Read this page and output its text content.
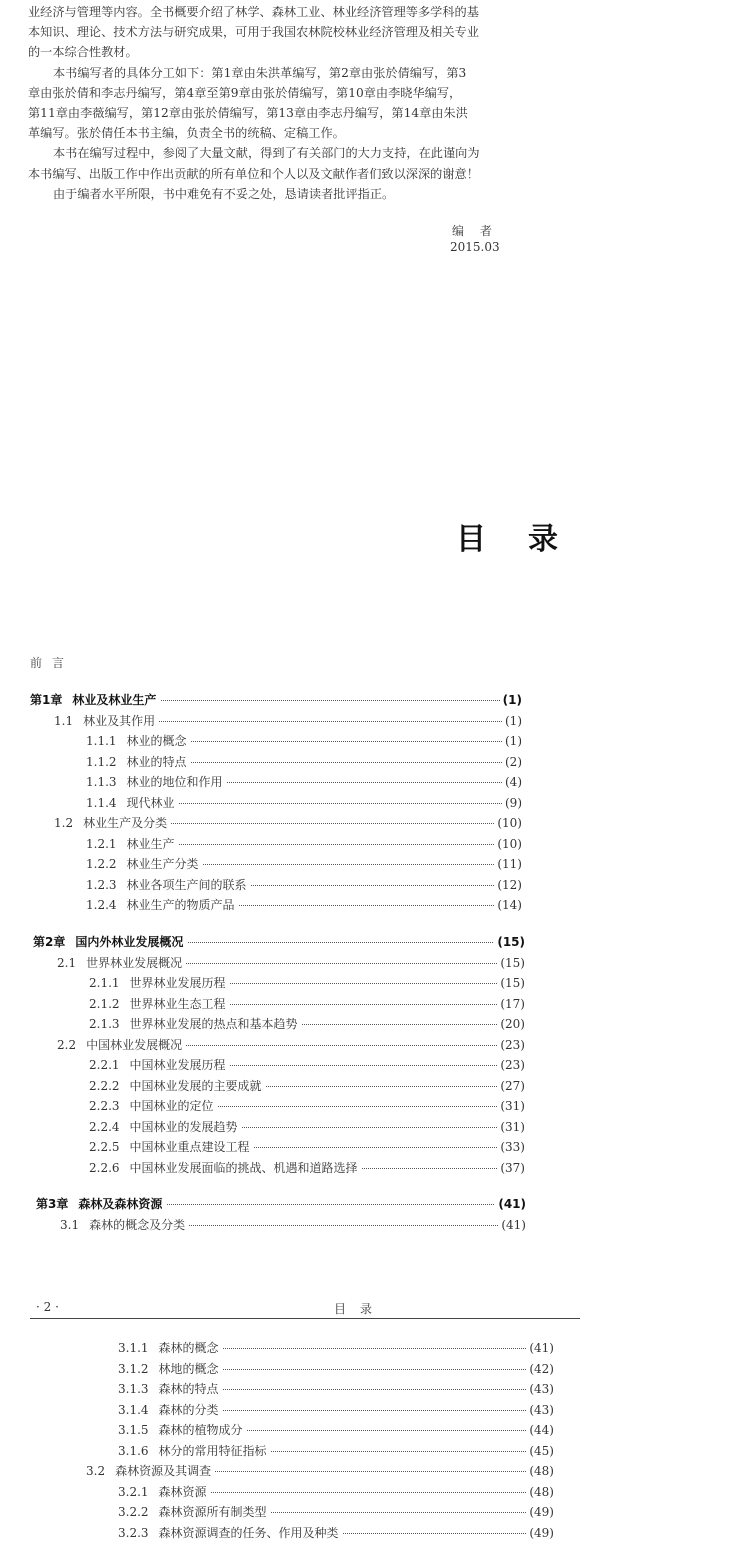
业经济与管理等内容。全书概要介绍了林学、森林工业、林业经济管理等多学科的基

本知识、理论、技术方法与研究成果，可用于我国农林院校林业经济管理及相关专业

的一本综合性教材。

本书编写者的具体分工如下：第1章由朱洪革编写，第2章由张於倩编写，第3

章由张於倩和李志丹编写，第4章至第9章由张於倩编写，第10章由李晓华编写，

第11章由李薇编写，第12章由张於倩编写，第13章由李志丹编写，第14章由朱洪

革编写。张於倩任本书主编，负责全书的统稿、定稿工作。

本书在编写过程中，参阅了大量文献，得到了有关部门的大力支持，在此谨向为

本书编写、出版工作中作出贡献的所有单位和个人以及文献作者们致以深深的谢意！

由于编者水平所限，书中难免有不妥之处，恳请读者批评指正。

编 者
2015.03
目录
前言
第1章 林业及林业生产	(1)
1.1 林业及其作用	(1)
1.1.1 林业的概念	(1)
1.1.2 林业的特点	(2)
1.1.3 林业的地位和作用	(4)
1.1.4 现代林业	(9)
1.2 林业生产及分类	(10)
1.2.1 林业生产	(10)
1.2.2 林业生产分类	(11)
1.2.3 林业各项生产间的联系	(12)
1.2.4 林业生产的物质产品	(14)
第2章 国内外林业发展概况	(15)
2.1 世界林业发展概况	(15)
2.1.1 世界林业发展历程	(15)
2.1.2 世界林业生态工程	(17)
2.1.3 世界林业发展的热点和基本趋势	(20)
2.2 中国林业发展概况	(23)
2.2.1 中国林业发展历程	(23)
2.2.2 中国林业发展的主要成就	(27)
2.2.3 中国林业的定位	(31)
2.2.4 中国林业的发展趋势	(31)
2.2.5 中国林业重点建设工程	(33)
2.2.6 中国林业发展面临的挑战、机遇和道路选择	(37)
第3章 森林及森林资源	(41)
3.1 森林的概念及分类	(41)
· 2 ·	目录
3.1.1 森林的概念	(41)
3.1.2 林地的概念	(42)
3.1.3 森林的特点	(43)
3.1.4 森林的分类	(43)
3.1.5 森林的植物成分	(44)
3.1.6 林分的常用特征指标	(45)
3.2 森林资源及其调查	(48)
3.2.1 森林资源	(48)
3.2.2 森林资源所有制类型	(49)
3.2.3 森林资源调查的任务、作用及种类	(49)
